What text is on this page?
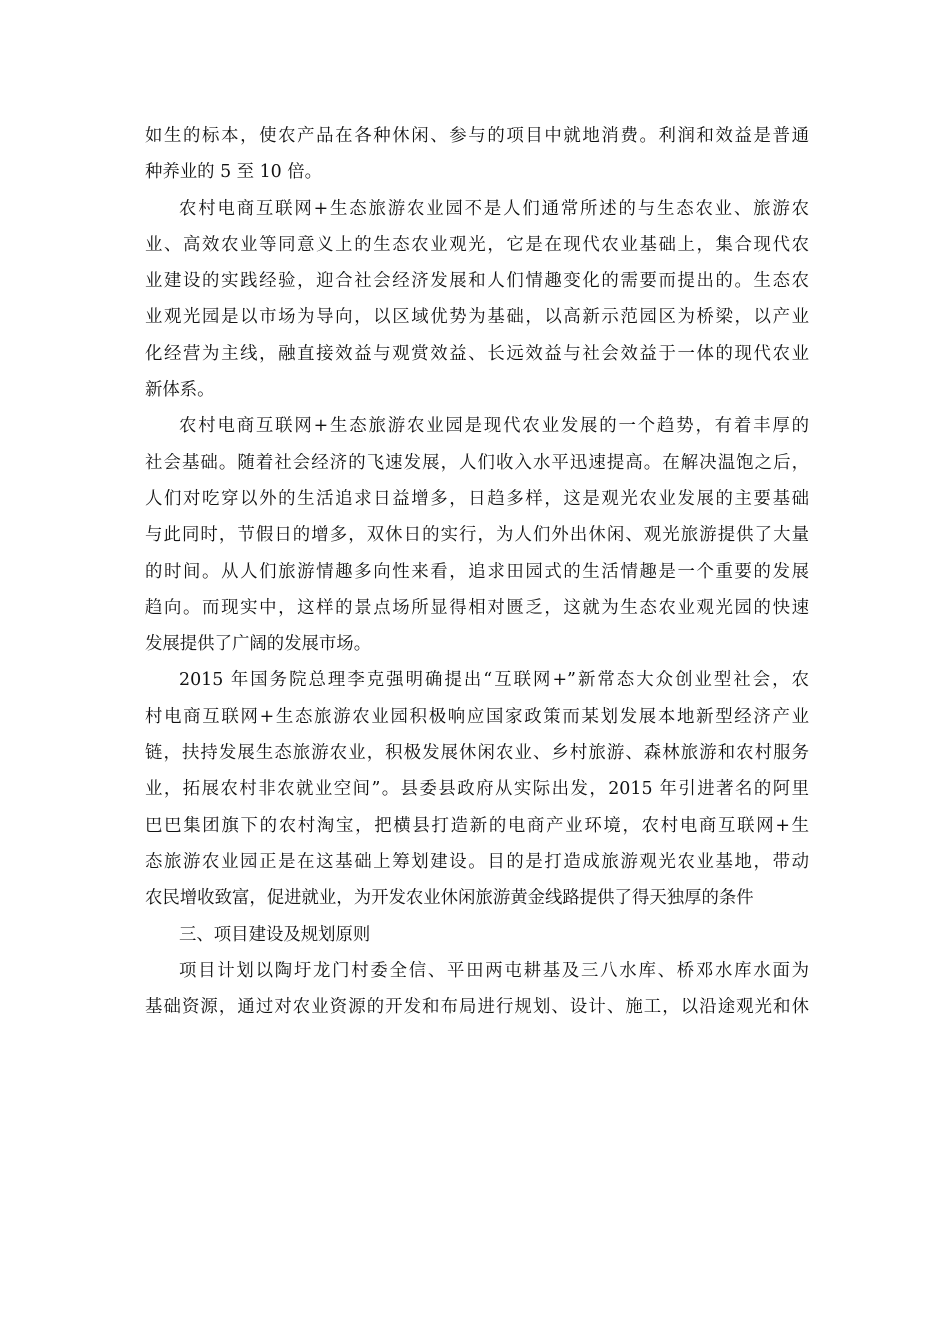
如生的标本，使农产品在各种休闲、参与的项目中就地消费。利润和效益是普通
种养业的 5 至 10 倍。
农村电商互联网+生态旅游农业园不是人们通常所述的与生态农业、旅游农
业、高效农业等同意义上的生态农业观光，它是在现代农业基础上，集合现代农
业建设的实践经验，迎合社会经济发展和人们情趣变化的需要而提出的。生态农
业观光园是以市场为导向，以区域优势为基础，以高新示范园区为桥梁，以产业
化经营为主线，融直接效益与观赏效益、长远效益与社会效益于一体的现代农业
新体系。
农村电商互联网+生态旅游农业园是现代农业发展的一个趋势，有着丰厚的
社会基础。随着社会经济的飞速发展，人们收入水平迅速提高。在解决温饱之后，
人们对吃穿以外的生活追求日益增多，日趋多样，这是观光农业发展的主要基础
与此同时，节假日的增多，双休日的实行，为人们外出休闲、观光旅游提供了大量
的时间。从人们旅游情趣多向性来看，追求田园式的生活情趣是一个重要的发展
趋向。而现实中，这样的景点场所显得相对匮乏，这就为生态农业观光园的快速
发展提供了广阔的发展市场。
2015 年国务院总理李克强明确提出“互联网+”新常态大众创业型社会，农
村电商互联网+生态旅游农业园积极响应国家政策而某划发展本地新型经济产业
链，扶持发展生态旅游农业，积极发展休闲农业、乡村旅游、森林旅游和农村服务
业，拓展农村非农就业空间”。县委县政府从实际出发，2015 年引进著名的阿里
巴巴集团旗下的农村淘宝，把横县打造新的电商产业环境，农村电商互联网+生
态旅游农业园正是在这基础上筹划建设。目的是打造成旅游观光农业基地，带动
农民增收致富，促进就业，为开发农业休闲旅游黄金线路提供了得天独厚的条件
三、项目建设及规划原则
项目计划以陶圩龙门村委全信、平田两屯耕基及三八水库、桥邓水库水面为
基础资源，通过对农业资源的开发和布局进行规划、设计、施工，以沿途观光和休
